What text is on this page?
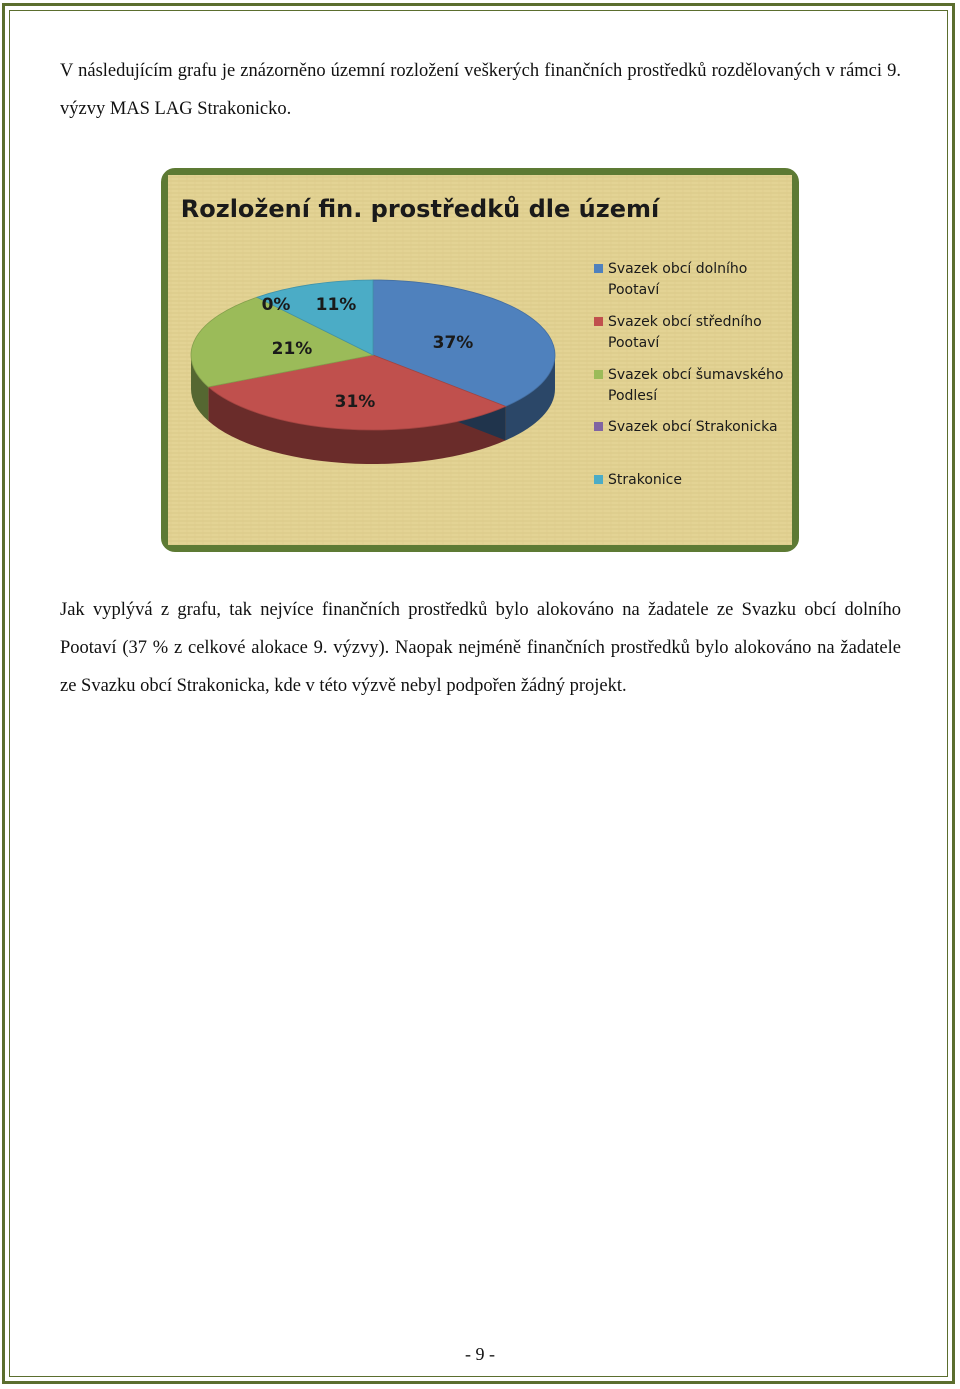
V následujícím grafu je znázorněno územní rozložení veškerých finančních prostředků rozdělovaných v rámci 9. výzvy MAS LAG Strakonicko.

Rozložení fin. prostředků dle území
37%
31%
21%
0% 11%
Svazek obcí dolního Pootaví
Svazek obcí středního Pootaví
Svazek obcí šumavského Podlesí
Svazek obcí Strakonicka
Strakonice

Jak vyplývá z grafu, tak nejvíce finančních prostředků bylo alokováno na žadatele ze Svazku obcí dolního Pootaví (37 % z celkové alokace 9. výzvy). Naopak nejméně finančních prostředků bylo alokováno na žadatele ze Svazku obcí Strakonicka, kde v této výzvě nebyl podpořen žádný projekt.

- 9 -
